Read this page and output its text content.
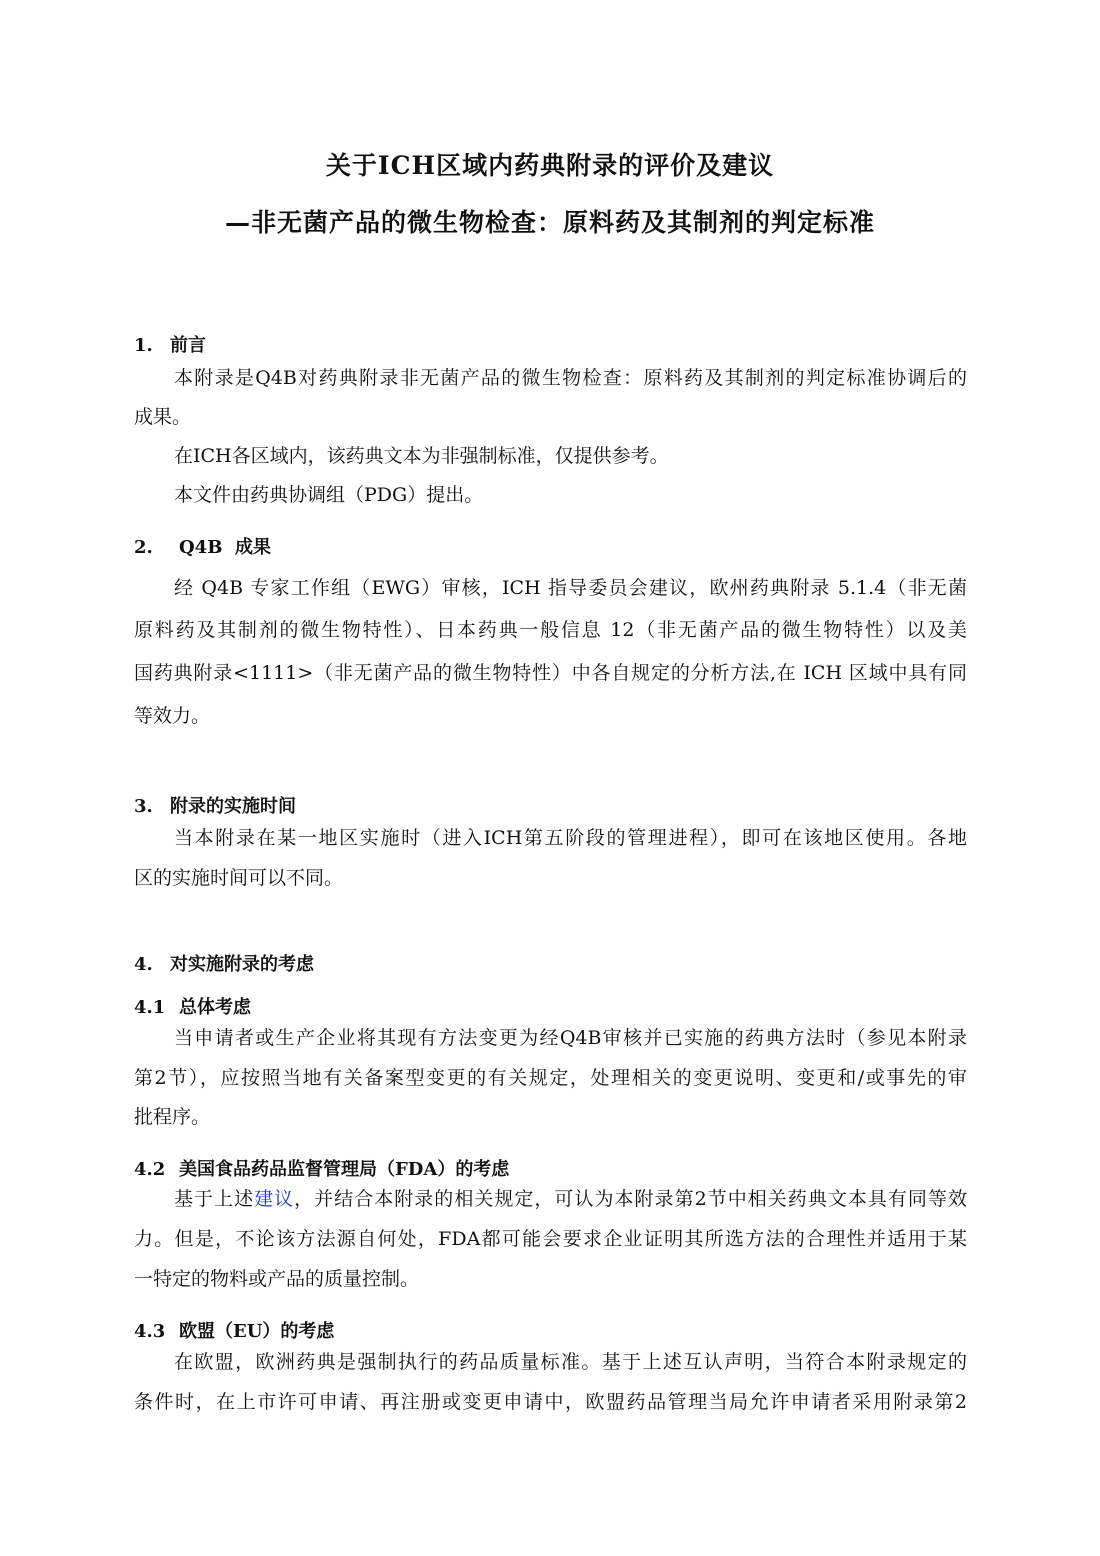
关于ICH区域内药典附录的评价及建议
—非无菌产品的微生物检查：原料药及其制剂的判定标准
1. 前言
本附录是Q4B对药典附录非无菌产品的微生物检查：原料药及其制剂的判定标准协调后的
成果。
在ICH各区域内，该药典文本为非强制标准，仅提供参考。
本文件由药典协调组（PDG）提出。
2. Q4B  成果
经 Q4B 专家工作组（EWG）审核，ICH 指导委员会建议，欧州药典附录 5.1.4（非无菌
原料药及其制剂的微生物特性）、日本药典一般信息 12（非无菌产品的微生物特性）以及美
国药典附录<1111>（非无菌产品的微生物特性）中各自规定的分析方法,在 ICH 区域中具有同
等效力。
3. 附录的实施时间
当本附录在某一地区实施时（进入ICH第五阶段的管理进程），即可在该地区使用。各地
区的实施时间可以不同。
4. 对实施附录的考虑
4.1 总体考虑
当申请者或生产企业将其现有方法变更为经Q4B审核并已实施的药典方法时（参见本附录
第2节），应按照当地有关备案型变更的有关规定，处理相关的变更说明、变更和/或事先的审
批程序。
4.2 美国食品药品监督管理局（FDA）的考虑
基于上述建议，并结合本附录的相关规定，可认为本附录第2节中相关药典文本具有同等效
力。但是，不论该方法源自何处，FDA都可能会要求企业证明其所选方法的合理性并适用于某
一特定的物料或产品的质量控制。
4.3 欧盟（EU）的考虑
在欧盟，欧洲药典是强制执行的药品质量标准。基于上述互认声明，当符合本附录规定的
条件时，在上市许可申请、再注册或变更申请中，欧盟药品管理当局允许申请者采用附录第2
